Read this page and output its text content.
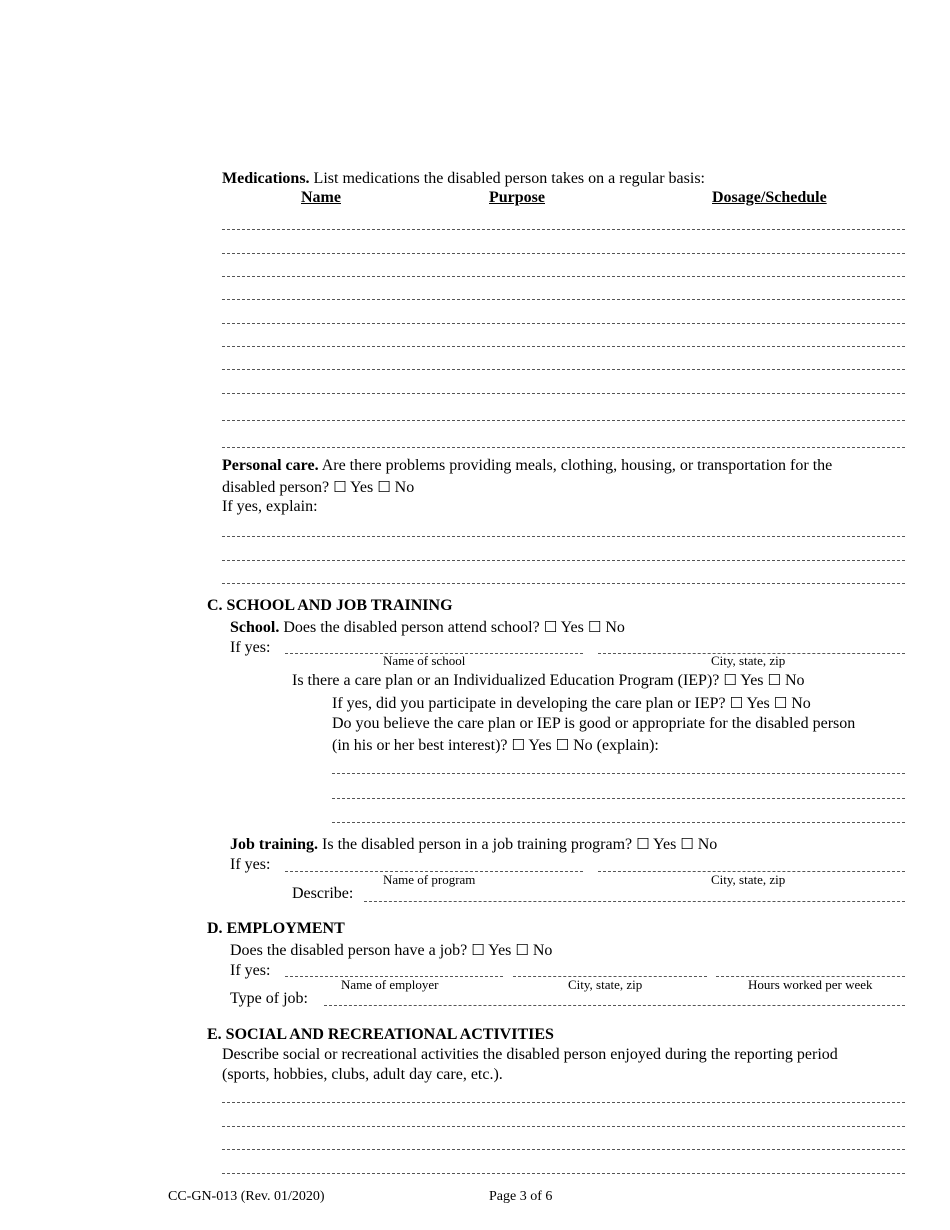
Medications. List medications the disabled person takes on a regular basis:
Name	Purpose	Dosage/Schedule
Personal care. Are there problems providing meals, clothing, housing, or transportation for the
disabled person? ☐ Yes ☐ No
If yes, explain:
C. SCHOOL AND JOB TRAINING
School. Does the disabled person attend school? ☐ Yes ☐ No
If yes:
Name of school	City, state, zip
Is there a care plan or an Individualized Education Program (IEP)? ☐ Yes ☐ No
If yes, did you participate in developing the care plan or IEP? ☐ Yes ☐ No
Do you believe the care plan or IEP is good or appropriate for the disabled person
(in his or her best interest)? ☐ Yes ☐ No (explain):
Job training. Is the disabled person in a job training program? ☐ Yes ☐ No
If yes:
Name of program	City, state, zip
Describe:
D. EMPLOYMENT
Does the disabled person have a job? ☐ Yes ☐ No
If yes:
Name of employer	City, state, zip	Hours worked per week
Type of job:
E. SOCIAL AND RECREATIONAL ACTIVITIES
Describe social or recreational activities the disabled person enjoyed during the reporting period
(sports, hobbies, clubs, adult day care, etc.).
CC-GN-013 (Rev. 01/2020)	Page 3 of 6
